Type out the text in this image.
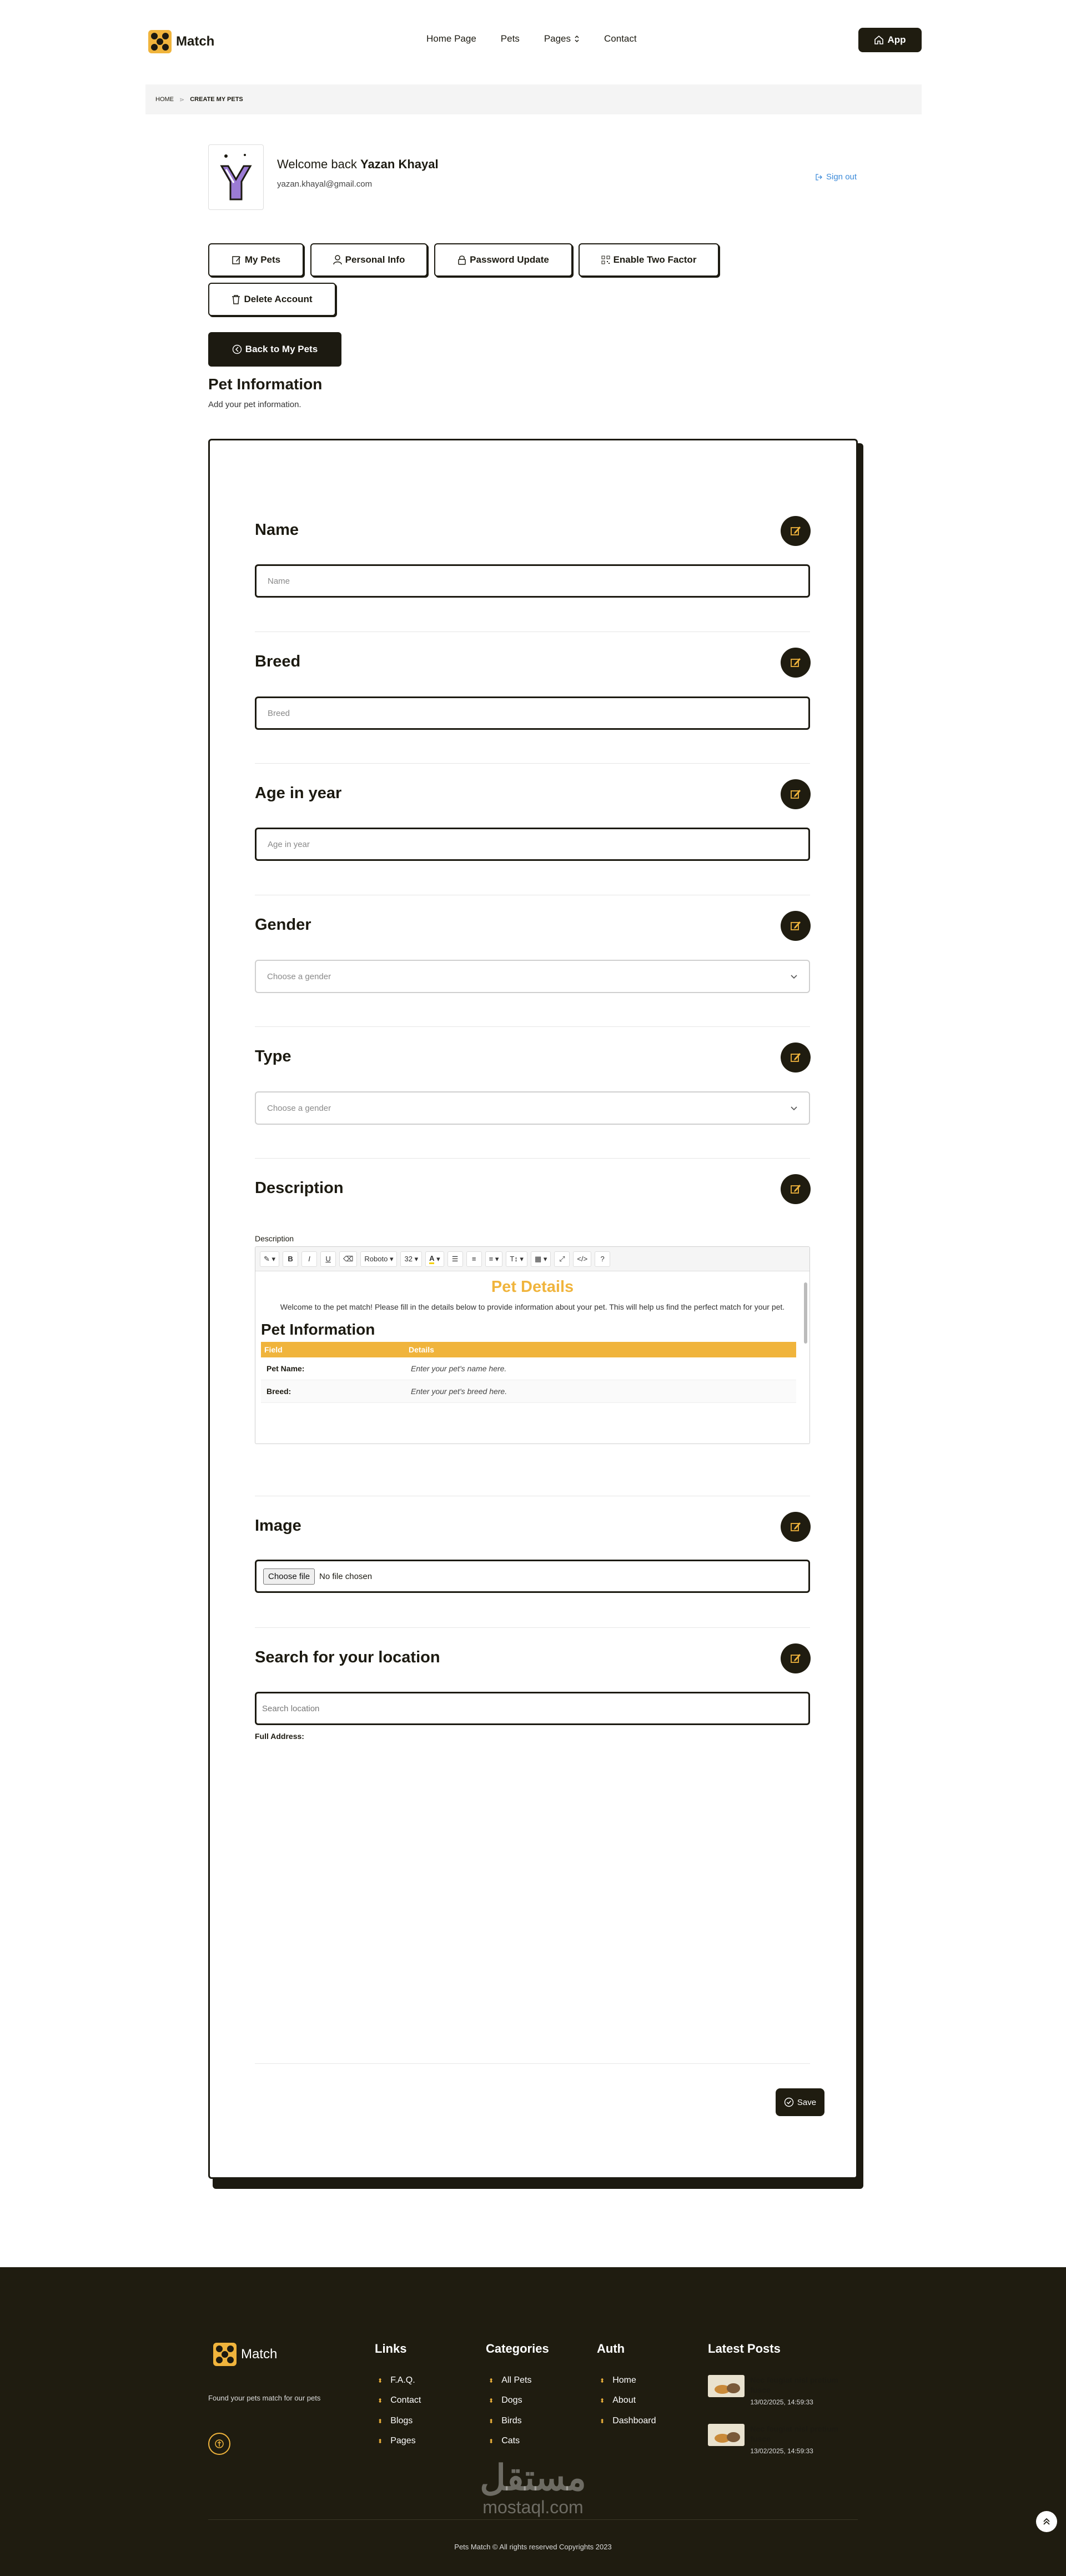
Match	Home Page	Pets	Pages	Contact	App
HOME ⋗ CREATE MY PETS
Welcome back Yazan Khayal
yazan.khayal@gmail.com
Sign out
My Pets	Personal Info	Password Update	Enable Two Factor
Delete Account
Back to My Pets
Pet Information
Add your pet information.
Name
Name
Breed
Breed
Age in year
Age in year
Gender
Choose a gender
Type
Choose a gender
Description
Description
✎ ▾	B	I	U	⌫	Roboto ▾	32 ▾	A ▾	☰	≡	≡ ▾	T↕ ▾	▦ ▾	⤢	</>	?
Pet Details
Welcome to the pet match! Please fill in the details below to provide information about your pet. This will help us find the perfect match for your pet.
Pet Information
Field	Details
Pet Name:	Enter your pet's name here.
Breed:	Enter your pet's breed here.
Image
Choose file	No file chosen
Search for your location
Search location
Full Address:
Save
Match
Found your pets match for our pets
Links
⬍ F.A.Q.
⬍ Contact
⬍ Blogs
⬍ Pages
Categories
⬍ All Pets
⬍ Dogs
⬍ Birds
⬍ Cats
Auth
⬍ Home
⬍ About
⬍ Dashboard
Latest Posts
Nec feugiat nisl pretium fusce
13/02/2025, 14:59:33
Nec feugiat nisl pretium fusce
13/02/2025, 14:59:33
مستقل
mostaql.com
Pets Match © All rights reserved Copyrights 2023
